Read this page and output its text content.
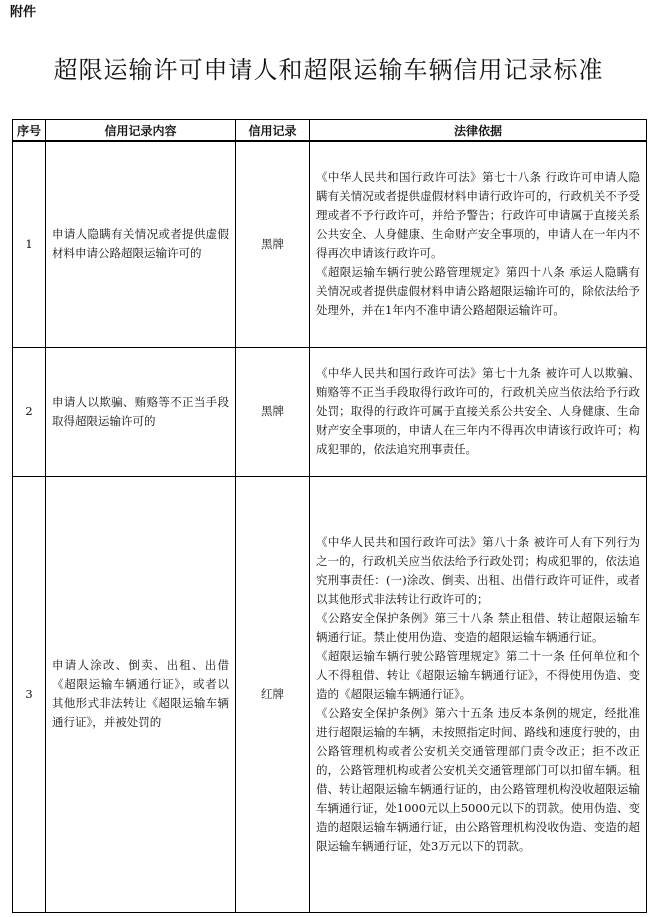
附件
超限运输许可申请人和超限运输车辆信用记录标准
序号	信用记录内容	信用记录	法律依据
1	申请人隐瞒有关情况或者提供虚假材料申请公路超限运输许可的	黑牌	《中华人民共和国行政许可法》第七十八条 行政许可申请人隐瞒有关情况或者提供虚假材料申请行政许可的，行政机关不予受理或者不予行政许可，并给予警告；行政许可申请属于直接关系公共安全、人身健康、生命财产安全事项的，申请人在一年内不得再次申请该行政许可。
《超限运输车辆行驶公路管理规定》第四十八条 承运人隐瞒有关情况或者提供虚假材料申请公路超限运输许可的，除依法给予处理外，并在1年内不准申请公路超限运输许可。

2	申请人以欺骗、贿赂等不正当手段取得超限运输许可的	黑牌	《中华人民共和国行政许可法》第七十九条 被许可人以欺骗、贿赂等不正当手段取得行政许可的，行政机关应当依法给予行政处罚；取得的行政许可属于直接关系公共安全、人身健康、生命财产安全事项的，申请人在三年内不得再次申请该行政许可；构成犯罪的，依法追究刑事责任。

3	申请人涂改、倒卖、出租、出借《超限运输车辆通行证》，或者以其他形式非法转让《超限运输车辆通行证》，并被处罚的	红牌	《中华人民共和国行政许可法》第八十条 被许可人有下列行为之一的，行政机关应当依法给予行政处罚；构成犯罪的，依法追究刑事责任：(一)涂改、倒卖、出租、出借行政许可证件，或者以其他形式非法转让行政许可的；
《公路安全保护条例》第三十八条 禁止租借、转让超限运输车辆通行证。禁止使用伪造、变造的超限运输车辆通行证。
《超限运输车辆行驶公路管理规定》第二十一条 任何单位和个人不得租借、转让《超限运输车辆通行证》，不得使用伪造、变造的《超限运输车辆通行证》。
《公路安全保护条例》第六十五条 违反本条例的规定，经批准进行超限运输的车辆，未按照指定时间、路线和速度行驶的，由公路管理机构或者公安机关交通管理部门责令改正；拒不改正的，公路管理机构或者公安机关交通管理部门可以扣留车辆。租借、转让超限运输车辆通行证的，由公路管理机构没收超限运输车辆通行证，处1000元以上5000元以下的罚款。使用伪造、变造的超限运输车辆通行证，由公路管理机构没收伪造、变造的超限运输车辆通行证，处3万元以下的罚款。
